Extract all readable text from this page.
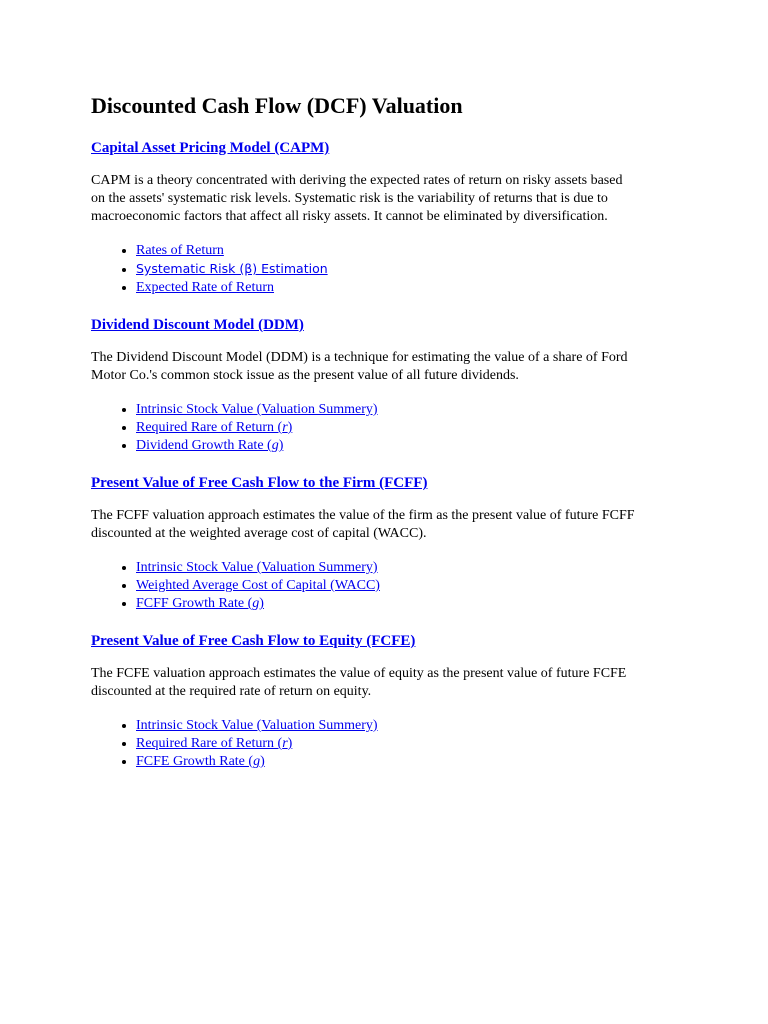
Discounted Cash Flow (DCF) Valuation
Capital Asset Pricing Model (CAPM)

CAPM is a theory concentrated with deriving the expected rates of return on risky assets based
on the assets' systematic risk levels. Systematic risk is the variability of returns that is due to
macroeconomic factors that affect all risky assets. It cannot be eliminated by diversification.

• Rates of Return
• Systematic Risk (β) Estimation
• Expected Rate of Return
Dividend Discount Model (DDM)

The Dividend Discount Model (DDM) is a technique for estimating the value of a share of Ford
Motor Co.'s common stock issue as the present value of all future dividends.

• Intrinsic Stock Value (Valuation Summery)
• Required Rare of Return (r)
• Dividend Growth Rate (g)
Present Value of Free Cash Flow to the Firm (FCFF)

The FCFF valuation approach estimates the value of the firm as the present value of future FCFF
discounted at the weighted average cost of capital (WACC).

• Intrinsic Stock Value (Valuation Summery)
• Weighted Average Cost of Capital (WACC)
• FCFF Growth Rate (g)
Present Value of Free Cash Flow to Equity (FCFE)

The FCFE valuation approach estimates the value of equity as the present value of future FCFE
discounted at the required rate of return on equity.

• Intrinsic Stock Value (Valuation Summery)
• Required Rare of Return (r)
• FCFE Growth Rate (g)
